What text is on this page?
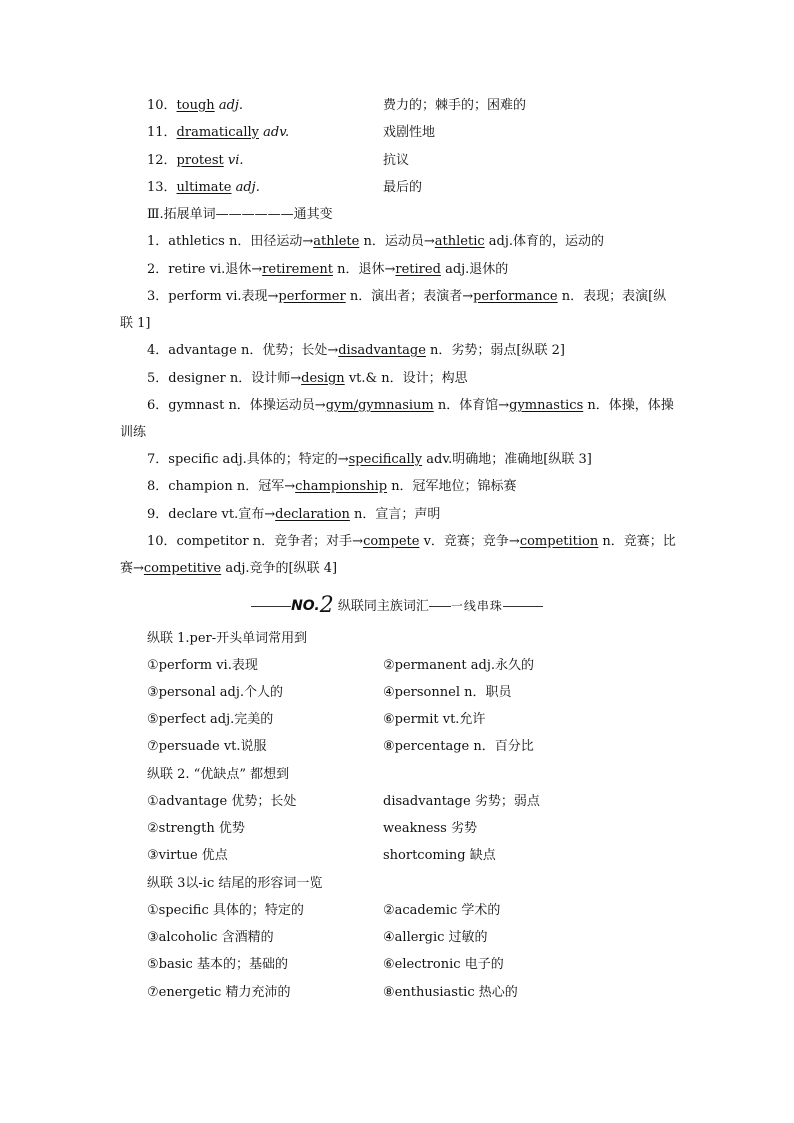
10．tough adj.	费力的；棘手的；困难的
11．dramatically adv.	戏剧性地
12．protest vi.	抗议
13．ultimate adj.	最后的
Ⅲ.拓展单词——————通其变
1．athletics n．田径运动→athlete n．运动员→athletic adj.体育的，运动的
2．retire vi.退休→retirement n．退休→retired adj.退休的
3．perform vi.表现→performer n．演出者；表演者→performance n．表现；表演[纵
联 1]
4．advantage n．优势；长处→disadvantage n．劣势；弱点[纵联 2]
5．designer n．设计师→design vt.& n．设计；构思
6．gymnast n．体操运动员→gym/gymnasium n．体育馆→gymnastics n．体操，体操
训练
7．specific adj.具体的；特定的→specifically adv.明确地；准确地[纵联 3]
8．champion n．冠军→championship n．冠军地位；锦标赛
9．declare vt.宣布→declaration n．宣言；声明
10．competitor n．竞争者；对手→compete v．竞赛；竞争→competition n．竞赛；比
赛→competitive adj.竞争的[纵联 4]
NO.2 纵联同主族词汇 一线串珠
纵联 1.per-开头单词常用到
①perform vi.表现	②permanent adj.永久的
③personal adj.个人的	④personnel n．职员
⑤perfect adj.完美的	⑥permit vt.允许
⑦persuade vt.说服	⑧percentage n．百分比
纵联 2. “优缺点” 都想到
①advantage 优势；长处	disadvantage 劣势；弱点
②strength 优势	weakness 劣势
③virtue 优点	shortcoming 缺点
纵联 3以-ic 结尾的形容词一览
①specific 具体的；特定的	②academic 学术的
③alcoholic 含酒精的	④allergic 过敏的
⑤basic 基本的；基础的	⑥electronic 电子的
⑦energetic 精力充沛的	⑧enthusiastic 热心的
